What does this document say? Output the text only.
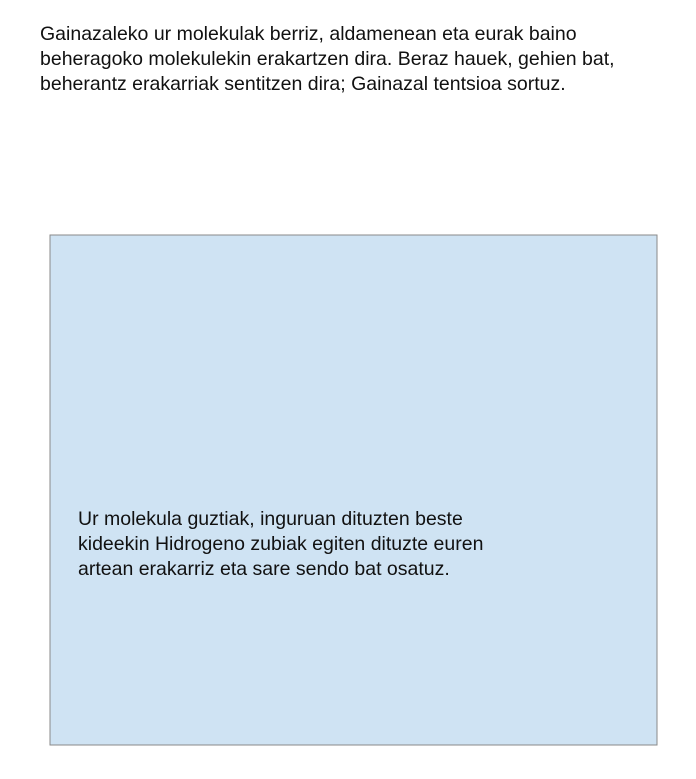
Gainazaleko ur molekulak berriz, aldamenean eta eurak baino beheragoko molekulekin erakartzen dira. Beraz hauek, gehien bat, beherantz erakarriak sentitzen dira; Gainazal tentsioa sortuz.

Ur molekula guztiak, inguruan dituzten beste kideekin Hidrogeno zubiak egiten dituzte euren artean erakarriz eta sare sendo bat osatuz.
